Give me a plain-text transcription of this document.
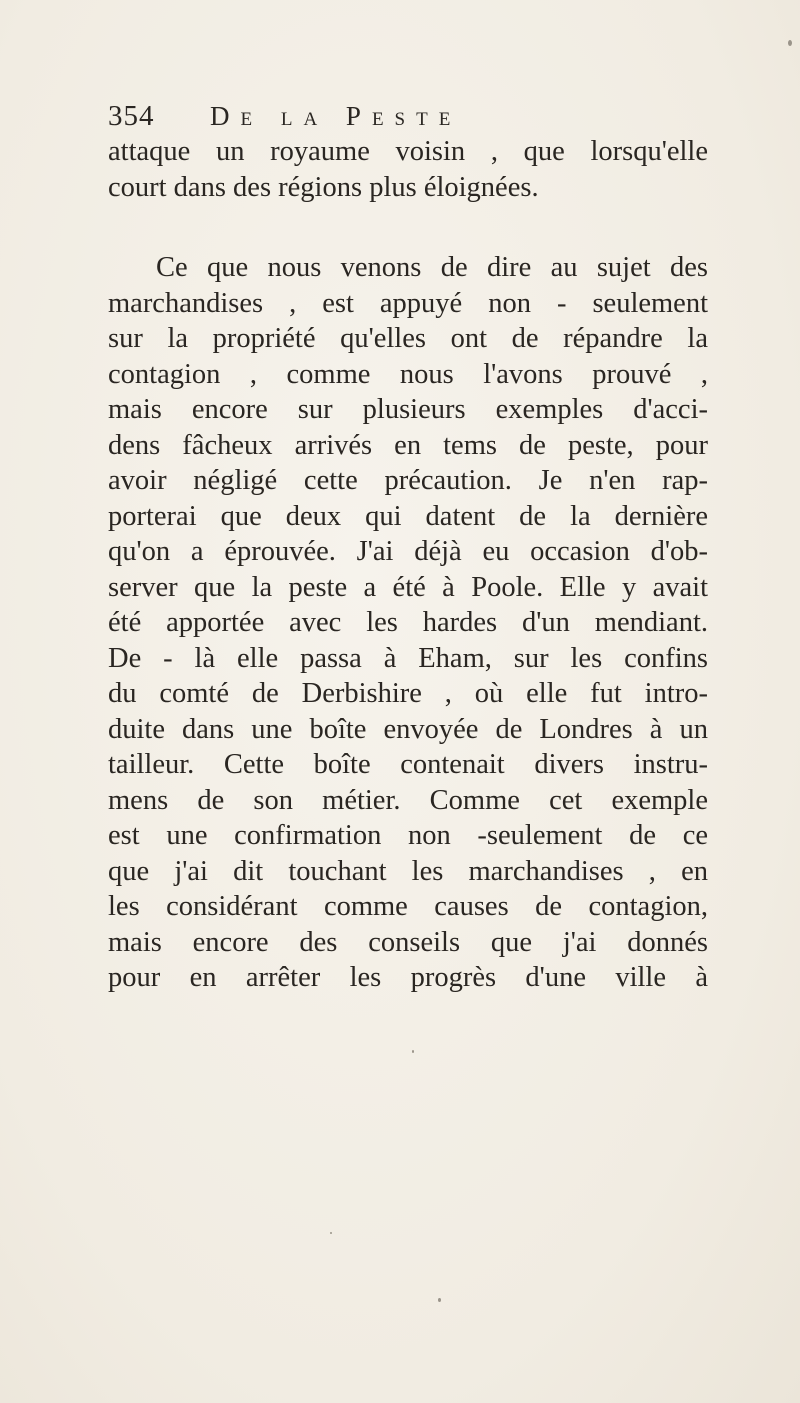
354 De la Peste
attaque un royaume voisin , que lorsqu'elle
court dans des régions plus éloignées.
Ce que nous venons de dire au sujet des
marchandises , est appuyé non - seulement
sur la propriété qu'elles ont de répandre la
contagion , comme nous l'avons prouvé ,
mais encore sur plusieurs exemples d'acci-
dens fâcheux arrivés en tems de peste, pour
avoir négligé cette précaution. Je n'en rap-
porterai que deux qui datent de la dernière
qu'on a éprouvée. J'ai déjà eu occasion d'ob-
server que la peste a été à Poole. Elle y avait
été apportée avec les hardes d'un mendiant.
De - là elle passa à Eham, sur les confins
du comté de Derbishire , où elle fut intro-
duite dans une boîte envoyée de Londres à un
tailleur. Cette boîte contenait divers instru-
mens de son métier. Comme cet exemple
est une confirmation non -seulement de ce
que j'ai dit touchant les marchandises , en
les considérant comme causes de contagion,
mais encore des conseils que j'ai donnés
pour en arrêter les progrès d'une ville à
